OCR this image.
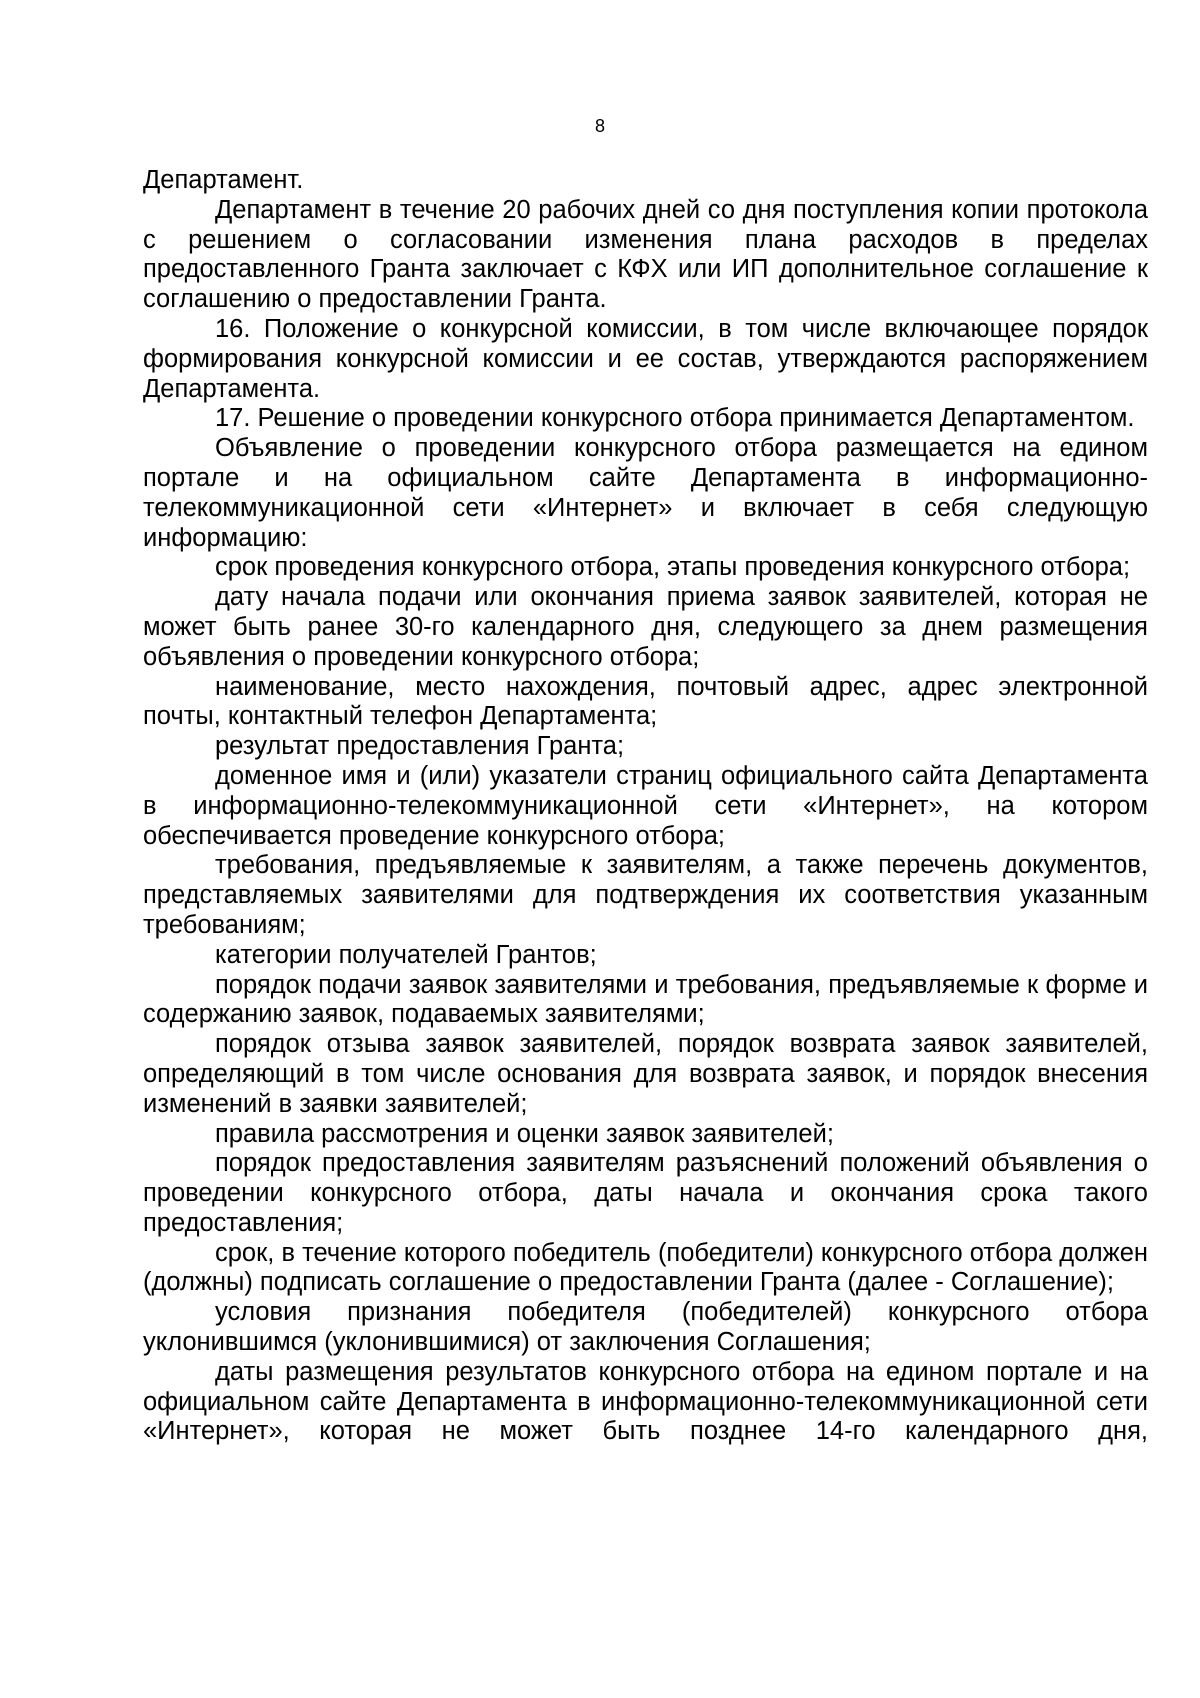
8

Департамент.

Департамент в течение 20 рабочих дней со дня поступления копии протокола с решением о согласовании изменения плана расходов в пределах предоставленного Гранта заключает с КФХ или ИП дополнительное соглашение к соглашению о предоставлении Гранта.

16. Положение о конкурсной комиссии, в том числе включающее порядок формирования конкурсной комиссии и ее состав, утверждаются распоряжением Департамента.

17. Решение о проведении конкурсного отбора принимается Департаментом.

Объявление о проведении конкурсного отбора размещается на едином портале и на официальном сайте Департамента в информационно-телекоммуникационной сети «Интернет» и включает в себя следующую информацию:

срок проведения конкурсного отбора, этапы проведения конкурсного отбора;

дату начала подачи или окончания приема заявок заявителей, которая не может быть ранее 30-го календарного дня, следующего за днем размещения объявления о проведении конкурсного отбора;

наименование, место нахождения, почтовый адрес, адрес электронной почты, контактный телефон Департамента;

результат предоставления Гранта;

доменное имя и (или) указатели страниц официального сайта Департамента в информационно-телекоммуникационной сети «Интернет», на котором обеспечивается проведение конкурсного отбора;

требования, предъявляемые к заявителям, а также перечень документов, представляемых заявителями для подтверждения их соответствия указанным требованиям;

категории получателей Грантов;

порядок подачи заявок заявителями и требования, предъявляемые к форме и содержанию заявок, подаваемых заявителями;

порядок отзыва заявок заявителей, порядок возврата заявок заявителей, определяющий в том числе основания для возврата заявок, и порядок внесения изменений в заявки заявителей;

правила рассмотрения и оценки заявок заявителей;

порядок предоставления заявителям разъяснений положений объявления о проведении конкурсного отбора, даты начала и окончания срока такого предоставления;

срок, в течение которого победитель (победители) конкурсного отбора должен (должны) подписать соглашение о предоставлении Гранта (далее - Соглашение);

условия признания победителя (победителей) конкурсного отбора уклонившимся (уклонившимися) от заключения Соглашения;

даты размещения результатов конкурсного отбора на едином портале и на официальном сайте Департамента в информационно-телекоммуникационной сети «Интернет», которая не может быть позднее 14-го календарного дня,
